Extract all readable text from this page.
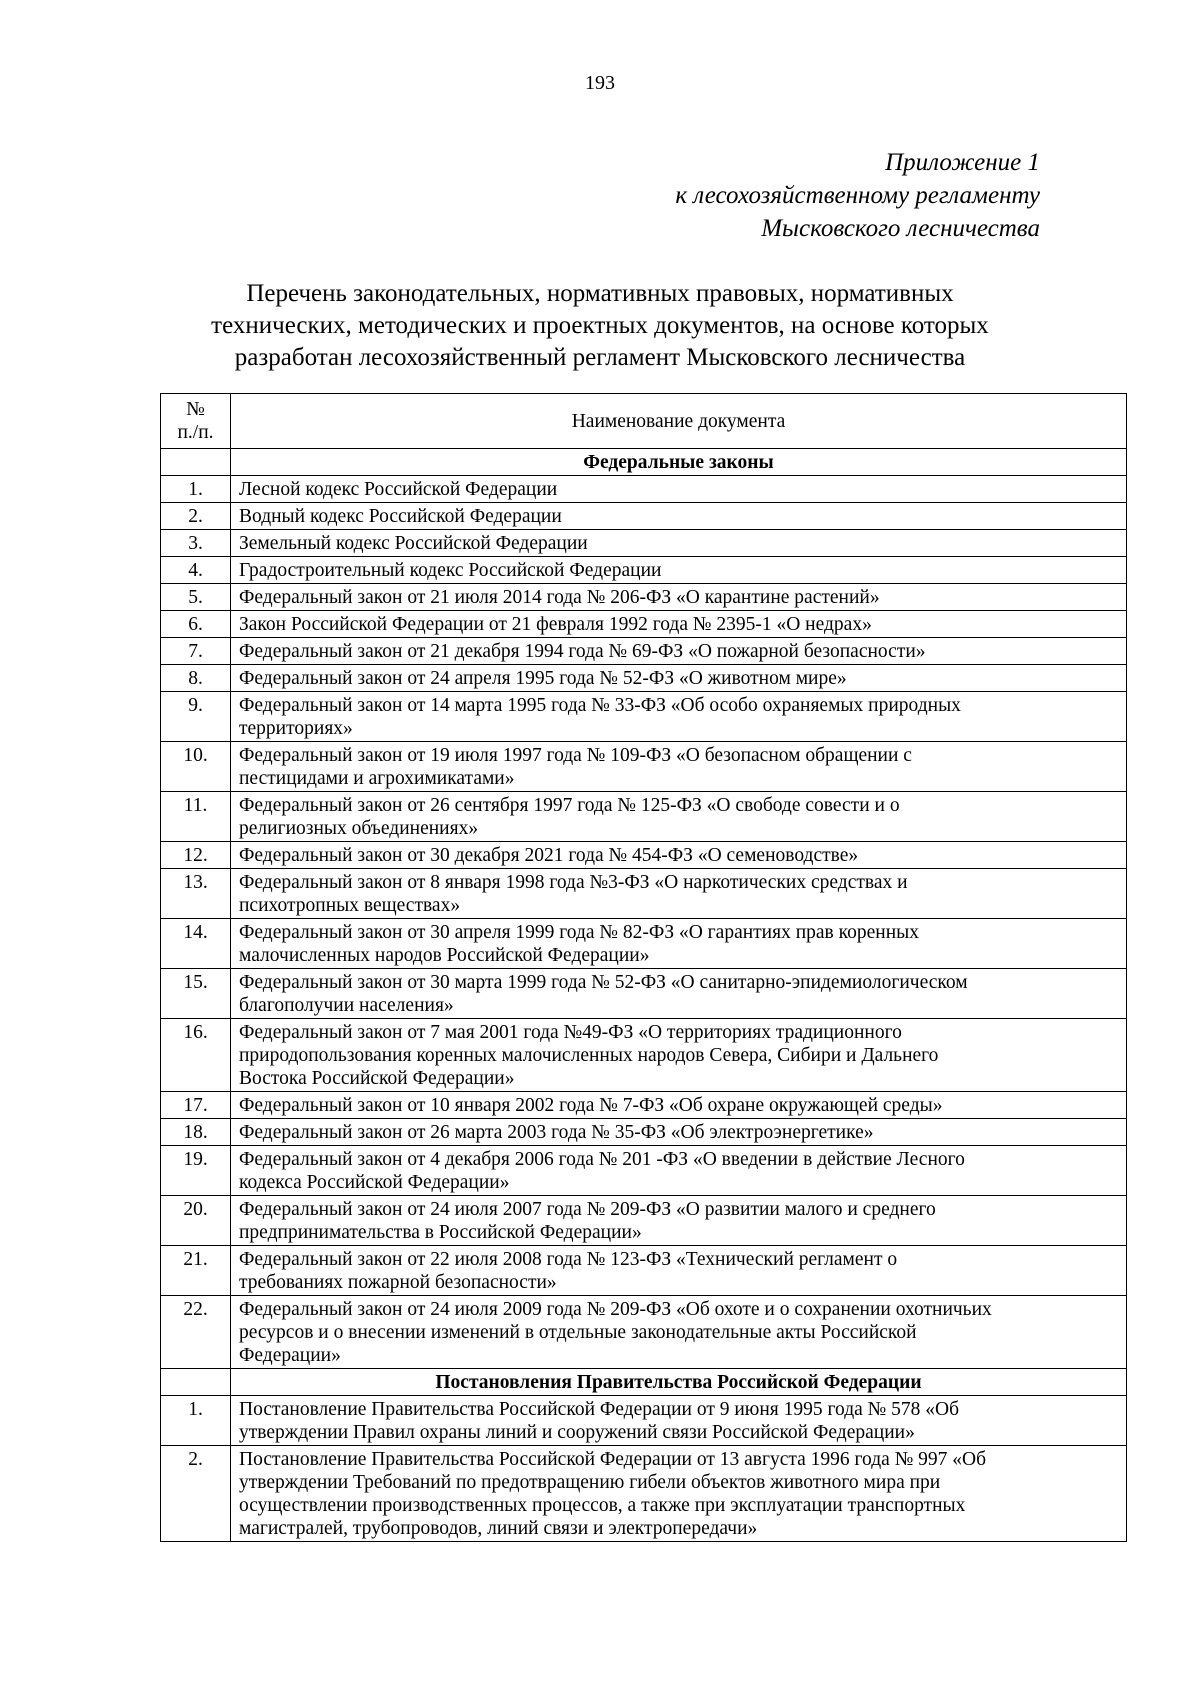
193
Приложение 1
к лесохозяйственному регламенту
Мысковского лесничества
Перечень законодательных, нормативных правовых, нормативных
технических, методических и проектных документов, на основе которых
разработан лесохозяйственный регламент Мысковского лесничества
№
п./п.	Наименование документа
	Федеральные законы
1.	Лесной кодекс Российской Федерации

2.	Водный кодекс Российской Федерации

3.	Земельный кодекс Российской Федерации

4.	Градостроительный кодекс Российской Федерации

5.	Федеральный закон от 21 июля 2014 года № 206-ФЗ «О карантине растений»

6.	Закон Российской Федерации от 21 февраля 1992 года № 2395-1 «О недрах»

7.	Федеральный закон от 21 декабря 1994 года № 69-ФЗ «О пожарной безопасности»

8.	Федеральный закон от 24 апреля 1995 года № 52-ФЗ «О животном мире»

9.	Федеральный закон от 14 марта 1995 года № 33-ФЗ «Об особо охраняемых природных
территориях»

10.	Федеральный закон от 19 июля 1997 года № 109-ФЗ «О безопасном обращении с
пестицидами и агрохимикатами»

11.	Федеральный закон от 26 сентября 1997 года № 125-ФЗ «О свободе совести и о
религиозных объединениях»

12.	Федеральный закон от 30 декабря 2021 года № 454-ФЗ «О семеноводстве»

13.	Федеральный закон от 8 января 1998 года №3-ФЗ «О наркотических средствах и
психотропных веществах»

14.	Федеральный закон от 30 апреля 1999 года № 82-ФЗ «О гарантиях прав коренных
малочисленных народов Российской Федерации»

15.	Федеральный закон от 30 марта 1999 года № 52-ФЗ «О санитарно-эпидемиологическом
благополучии населения»

16.	Федеральный закон от 7 мая 2001 года №49-ФЗ «О территориях традиционного
природопользования коренных малочисленных народов Севера, Сибири и Дальнего
Востока Российской Федерации»

17.	Федеральный закон от 10 января 2002 года № 7-ФЗ «Об охране окружающей среды»

18.	Федеральный закон от 26 марта 2003 года № 35-ФЗ «Об электроэнергетике»

19.	Федеральный закон от 4 декабря 2006 года № 201 -ФЗ «О введении в действие Лесного
кодекса Российской Федерации»

20.	Федеральный закон от 24 июля 2007 года № 209-ФЗ «О развитии малого и среднего
предпринимательства в Российской Федерации»

21.	Федеральный закон от 22 июля 2008 года № 123-ФЗ «Технический регламент о
требованиях пожарной безопасности»

22.	Федеральный закон от 24 июля 2009 года № 209-ФЗ «Об охоте и о сохранении охотничьих
ресурсов и о внесении изменений в отдельные законодательные акты Российской
Федерации»

	Постановления Правительства Российской Федерации
1.	Постановление Правительства Российской Федерации от 9 июня 1995 года № 578 «Об
утверждении Правил охраны линий и сооружений связи Российской Федерации»

2.	Постановление Правительства Российской Федерации от 13 августа 1996 года № 997 «Об
утверждении Требований по предотвращению гибели объектов животного мира при
осуществлении производственных процессов, а также при эксплуатации транспортных
магистралей, трубопроводов, линий связи и электропередачи»
